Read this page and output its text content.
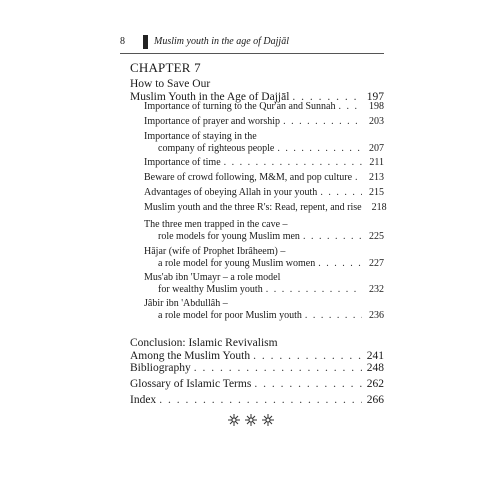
8	Muslim youth in the age of Dajjāl
CHAPTER 7
How to Save Our
Muslim Youth in the Age of Dajjāl . . .	197
Importance of turning to the Qur'an and Sunnah . . .	198
Importance of prayer and worship . . .	203
Importance of staying in the
company of righteous people . . .	207
Importance of time . . .	211
Beware of crowd following, M&M, and pop culture . . .	213
Advantages of obeying Allah in your youth . . .	215
Muslim youth and the three R's: Read, repent, and rise	218
The three men trapped in the cave –
role models for young Muslim men . . .	225
Hājar (wife of Prophet Ibrâheem) –
a role model for young Muslim women . . .	227
Mus'ab ibn 'Umayr – a role model
for wealthy Muslim youth . . .	232
Jâbir ibn 'Abdullâh –
a role model for poor Muslim youth . . .	236
Conclusion: Islamic Revivalism
Among the Muslim Youth . . .	241
Bibliography . . .	248
Glossary of Islamic Terms . . .	262
Index . . .	266
